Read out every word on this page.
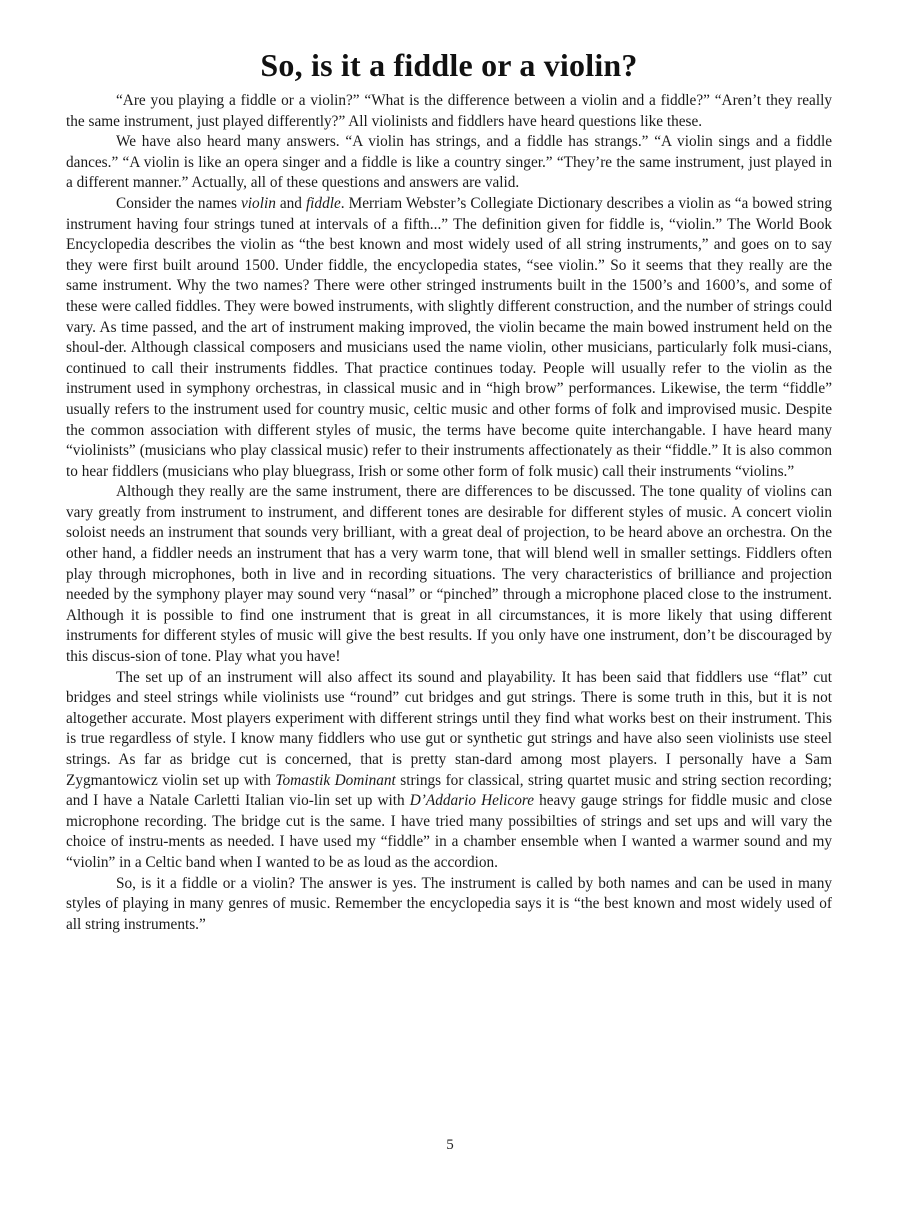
So, is it a fiddle or a violin?

“Are you playing a fiddle or a violin?” “What is the difference between a violin and a fiddle?” “Aren’t they really the same instrument, just played differently?” All violinists and fiddlers have heard questions like these.

We have also heard many answers. “A violin has strings, and a fiddle has strangs.” “A violin sings and a fiddle dances.” “A violin is like an opera singer and a fiddle is like a country singer.” “They’re the same instrument, just played in a different manner.” Actually, all of these questions and answers are valid.

Consider the names violin and fiddle. Merriam Webster’s Collegiate Dictionary describes a violin as “a bowed string instrument having four strings tuned at intervals of a fifth...” The definition given for fiddle is, “violin.” The World Book Encyclopedia describes the violin as “the best known and most widely used of all string instruments,” and goes on to say they were first built around 1500. Under fiddle, the encyclopedia states, “see violin.” So it seems that they really are the same instrument. Why the two names? There were other stringed instruments built in the 1500’s and 1600’s, and some of these were called fiddles. They were bowed instruments, with slightly different construction, and the number of strings could vary. As time passed, and the art of instrument making improved, the violin became the main bowed instrument held on the shoul-der. Although classical composers and musicians used the name violin, other musicians, particularly folk musi-cians, continued to call their instruments fiddles. That practice continues today. People will usually refer to the violin as the instrument used in symphony orchestras, in classical music and in “high brow” performances. Likewise, the term “fiddle” usually refers to the instrument used for country music, celtic music and other forms of folk and improvised music. Despite the common association with different styles of music, the terms have become quite interchangable. I have heard many “violinists” (musicians who play classical music) refer to their instruments affectionately as their “fiddle.” It is also common to hear fiddlers (musicians who play bluegrass, Irish or some other form of folk music) call their instruments “violins.”

Although they really are the same instrument, there are differences to be discussed. The tone quality of violins can vary greatly from instrument to instrument, and different tones are desirable for different styles of music. A concert violin soloist needs an instrument that sounds very brilliant, with a great deal of projection, to be heard above an orchestra. On the other hand, a fiddler needs an instrument that has a very warm tone, that will blend well in smaller settings. Fiddlers often play through microphones, both in live and in recording situations. The very characteristics of brilliance and projection needed by the symphony player may sound very “nasal” or “pinched” through a microphone placed close to the instrument. Although it is possible to find one instrument that is great in all circumstances, it is more likely that using different instruments for different styles of music will give the best results. If you only have one instrument, don’t be discouraged by this discus-sion of tone. Play what you have!

The set up of an instrument will also affect its sound and playability. It has been said that fiddlers use “flat” cut bridges and steel strings while violinists use “round” cut bridges and gut strings. There is some truth in this, but it is not altogether accurate. Most players experiment with different strings until they find what works best on their instrument. This is true regardless of style. I know many fiddlers who use gut or synthetic gut strings and have also seen violinists use steel strings. As far as bridge cut is concerned, that is pretty stan-dard among most players. I personally have a Sam Zygmantowicz violin set up with Tomastik Dominant strings for classical, string quartet music and string section recording; and I have a Natale Carletti Italian vio-lin set up with D’Addario Helicore heavy gauge strings for fiddle music and close microphone recording. The bridge cut is the same. I have tried many possibilties of strings and set ups and will vary the choice of instru-ments as needed. I have used my “fiddle” in a chamber ensemble when I wanted a warmer sound and my “violin” in a Celtic band when I wanted to be as loud as the accordion.

So, is it a fiddle or a violin? The answer is yes. The instrument is called by both names and can be used in many styles of playing in many genres of music. Remember the encyclopedia says it is “the best known and most widely used of all string instruments.”

5
